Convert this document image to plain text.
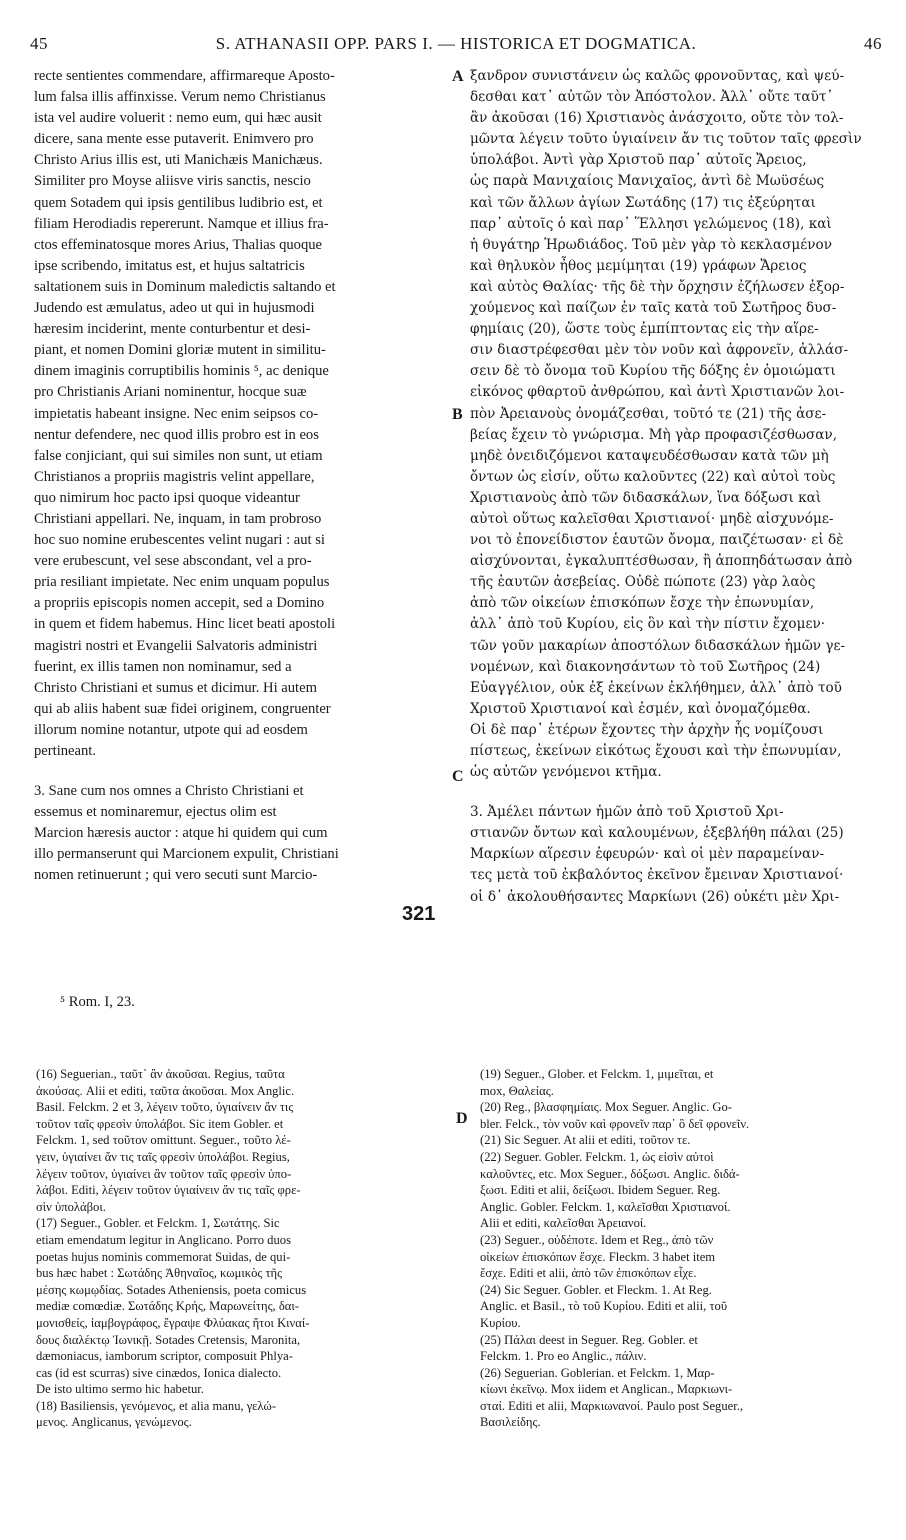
45	S. ATHANASII OPP. PARS I. — HISTORICA ET DOGMATICA.	46
recte sentientes commendare, affirmareque Aposto-
lum falsa illis affinxisse. Verum nemo Christianus
ista vel audire voluerit : nemo eum, qui hæc ausit
dicere, sana mente esse putaverit. Enimvero pro
Christo Arius illis est, uti Manichæis Manichæus.
Similiter pro Moyse aliisve viris sanctis, nescio
quem Sotadem qui ipsis gentilibus ludibrio est, et
filiam Herodiadis repererunt. Namque et illius fra-
ctos effeminatosque mores Arius, Thalias quoque
ipse scribendo, imitatus est, et hujus saltatricis
saltationem suis in Dominum maledictis saltando et
Judendo est æmulatus, adeo ut qui in hujusmodi
hæresim inciderint, mente conturbentur et desi-
piant, et nomen Domini gloriæ mutent in similitu-
dinem imaginis corruptibilis hominis ⁵, ac denique
pro Christianis Ariani nominentur, hocque suæ
impietatis habeant insigne. Nec enim seipsos co-
nentur defendere, nec quod illis probro est in eos
false conjiciant, qui sui similes non sunt, ut etiam
Christianos a propriis magistris velint appellare,
quo nimirum hoc pacto ipsi quoque videantur
Christiani appellari. Ne, inquam, in tam probroso
hoc suo nomine erubescentes velint nugari : aut si
vere erubescunt, vel sese abscondant, vel a pro-
pria resiliant impietate. Nec enim unquam populus
a propriis episcopis nomen accepit, sed a Domino
in quem et fidem habemus. Hinc licet beati apostoli
magistri nostri et Evangelii Salvatoris administri
fuerint, ex illis tamen non nominamur, sed a
Christo Christiani et sumus et dicimur. Hi autem
qui ab aliis habent suæ fidei originem, congruenter
illorum nomine notantur, utpote qui ad eosdem
pertineant.
3. Sane cum nos omnes a Christo Christiani et
essemus et nominaremur, ejectus olim est
Marcion hæresis auctor : atque hi quidem qui cum
illo permanserunt qui Marcionem expulit, Christiani
nomen retinuerunt ; qui vero secuti sunt Marcio-
ξανδρον συνιστάνειν ὡς καλῶς φρονοῦντας, καὶ ψεύ-
δεσθαι κατ᾽ αὐτῶν τὸν Ἀπόστολον. Ἀλλ᾽ οὔτε ταῦτ᾽
ἂν ἀκοῦσαι (16) Χριστιανὸς ἀνάσχοιτο, οὔτε τὸν τολ-
μῶντα λέγειν τοῦτο ὑγιαίνειν ἄν τις τοῦτον ταῖς φρεσὶν
ὑπολάβοι. Ἀντὶ γὰρ Χριστοῦ παρ᾽ αὐτοῖς Ἄρειος,
ὡς παρὰ Μανιχαίοις Μανιχαῖος, ἀντὶ δὲ Μωϋσέως
καὶ τῶν ἄλλων ἁγίων Σωτάδης (17) τις ἐξεύρηται
παρ᾽ αὐτοῖς ὁ καὶ παρ᾽ Ἕλλησι γελώμενος (18), καὶ
ἡ θυγάτηρ Ἡρωδιάδος. Τοῦ μὲν γὰρ τὸ κεκλασμένον
καὶ θηλυκὸν ἦθος μεμίμηται (19) γράφων Ἄρειος
καὶ αὐτὸς Θαλίας· τῆς δὲ τὴν ὄρχησιν ἐζήλωσεν ἐξορ-
χούμενος καὶ παίζων ἐν ταῖς κατὰ τοῦ Σωτῆρος δυσ-
φημίαις (20), ὥστε τοὺς ἐμπίπτοντας εἰς τὴν αἵρε-
σιν διαστρέφεσθαι μὲν τὸν νοῦν καὶ ἀφρονεῖν, ἀλλάσ-
σειν δὲ τὸ ὄνομα τοῦ Κυρίου τῆς δόξης ἐν ὁμοιώματι
εἰκόνος φθαρτοῦ ἀνθρώπου, καὶ ἀντὶ Χριστιανῶν λοι-
πὸν Ἀρειανοὺς ὀνομάζεσθαι, τοῦτό τε (21) τῆς ἀσε-
βείας ἔχειν τὸ γνώρισμα. Μὴ γὰρ προφασιζέσθωσαν,
μηδὲ ὀνειδιζόμενοι καταψευδέσθωσαν κατὰ τῶν μὴ
ὄντων ὡς εἰσίν, οὕτω καλοῦντες (22) καὶ αὐτοὶ τοὺς
Χριστιανοὺς ἀπὸ τῶν διδασκάλων, ἵνα δόξωσι καὶ
αὐτοὶ οὕτως καλεῖσθαι Χριστιανοί· μηδὲ αἰσχυνόμε-
νοι τὸ ἐπονείδιστον ἑαυτῶν ὄνομα, παιζέτωσαν· εἰ δὲ
αἰσχύνονται, ἐγκαλυπτέσθωσαν, ἢ ἀποπηδάτωσαν ἀπὸ
τῆς ἑαυτῶν ἀσεβείας. Οὐδὲ πώποτε (23) γὰρ λαὸς
ἀπὸ τῶν οἰκείων ἐπισκόπων ἔσχε τὴν ἐπωνυμίαν,
ἀλλ᾽ ἀπὸ τοῦ Κυρίου, εἰς ὃν καὶ τὴν πίστιν ἔχομεν·
τῶν γοῦν μακαρίων ἀποστόλων διδασκάλων ἡμῶν γε-
νομένων, καὶ διακονησάντων τὸ τοῦ Σωτῆρος (24)
Εὐαγγέλιον, οὐκ ἐξ ἐκείνων ἐκλήθημεν, ἀλλ᾽ ἀπὸ τοῦ
Χριστοῦ Χριστιανοί καὶ ἐσμέν, καὶ ὀνομαζόμεθα.
Οἱ δὲ παρ᾽ ἑτέρων ἔχοντες τὴν ἀρχὴν ἧς νομίζουσι
πίστεως, ἐκείνων εἰκότως ἔχουσι καὶ τὴν ἐπωνυμίαν,
ὡς αὐτῶν γενόμενοι κτῆμα.
3. Ἀμέλει πάντων ἡμῶν ἀπὸ τοῦ Χριστοῦ Χρι-
στιανῶν ὄντων καὶ καλουμένων, ἐξεβλήθη πάλαι (25)
Μαρκίων αἵρεσιν ἐφευρών· καὶ οἱ μὲν παραμείναν-
τες μετὰ τοῦ ἐκβαλόντος ἐκεῖνον ἔμειναν Χριστιανοί·
οἱ δ᾽ ἀκολουθήσαντες Μαρκίωνι (26) οὐκέτι μὲν Χρι-
A
B
C
D
321
⁵ Rom. I, 23.
(16) Seguerian., ταῦτ᾽ ἂν ἀκοῦσαι. Regius, ταῦτα
ἀκούσας. Alii et editi, ταῦτα ἀκοῦσαι. Mox Anglic.
Basil. Felckm. 2 et 3, λέγειν τοῦτο, ὑγιαίνειν ἄν τις
τοῦτον ταῖς φρεσὶν ὑπολάβοι. Sic item Gobler. et
Felckm. 1, sed τοῦτον omittunt. Seguer., τοῦτο λέ-
γειν, ὑγιαίνει ἄν τις ταῖς φρεσὶν ὑπολάβοι. Regius,
λέγειν τοῦτον, ὑγιαίνει ἂν τοῦτον ταῖς φρεσὶν ὑπο-
λάβοι. Editi, λέγειν τοῦτον ὑγιαίνειν ἄν τις ταῖς φρε-
σὶν ὑπολάβοι.
(17) Seguer., Gobler. et Felckm. 1, Σωτάτης. Sic
etiam emendatum legitur in Anglicano. Porro duos
poetas hujus nominis commemorat Suidas, de qui-
bus hæc habet : Σωτάδης Ἀθηναῖος, κωμικὸς τῆς
μέσης κωμῳδίας. Sotades Atheniensis, poeta comicus
mediæ comœdiæ. Σωτάδης Κρής, Μαρωνείτης, δαι-
μονισθείς, ἰαμβογράφος, ἔγραψε Φλύακας ἤτοι Κιναί-
δους διαλέκτῳ Ἰωνικῇ. Sotades Cretensis, Maronita,
dæmoniacus, iamborum scriptor, composuit Phlya-
cas (id est scurras) sive cinædos, Ionica dialecto.
De isto ultimo sermo hic habetur.
(18) Basiliensis, γενόμενος, et alia manu, γελώ-
μενος. Anglicanus, γενώμενος.
(19) Seguer., Glober. et Felckm. 1, μιμεῖται, et
mox, Θαλείας.
(20) Reg., βλασφημίαις. Mox Seguer. Anglic. Go-
bler. Felck., τὸν νοῦν καὶ φρονεῖν παρ᾽ ὃ δεῖ φρονεῖν.
(21) Sic Seguer. At alii et editi, τοῦτον τε.
(22) Seguer. Gobler. Felckm. 1, ὡς εἰσὶν αὐτοὶ
καλοῦντες, etc. Mox Seguer., δόξωσι. Anglic. διδά-
ξωσι. Editi et alii, δείξωσι. Ibidem Seguer. Reg.
Anglic. Gobler. Felckm. 1, καλεῖσθαι Χριστιανοί.
Alii et editi, καλεῖσθαι Ἀρειανοί.
(23) Seguer., οὐδέποτε. Idem et Reg., ἀπὸ τῶν
οἰκείων ἐπισκόπων ἔσχε. Fleckm. 3 habet item
ἔσχε. Editi et alii, ἀπὸ τῶν ἐπισκόπων εἶχε.
(24) Sic Seguer. Gobler. et Fleckm. 1. At Reg.
Anglic. et Basil., τὸ τοῦ Κυρίου. Editi et alii, τοῦ
Κυρίου.
(25) Πάλαι deest in Seguer. Reg. Gobler. et
Felckm. 1. Pro eo Anglic., πάλιν.
(26) Seguerian. Goblerian. et Felckm. 1, Μαρ-
κίωνι ἐκεῖνῳ. Mox iidem et Anglican., Μαρκιωνι-
σταί. Editi et alii, Μαρκιωνανοί. Paulo post Seguer.,
Βασιλείδης.
